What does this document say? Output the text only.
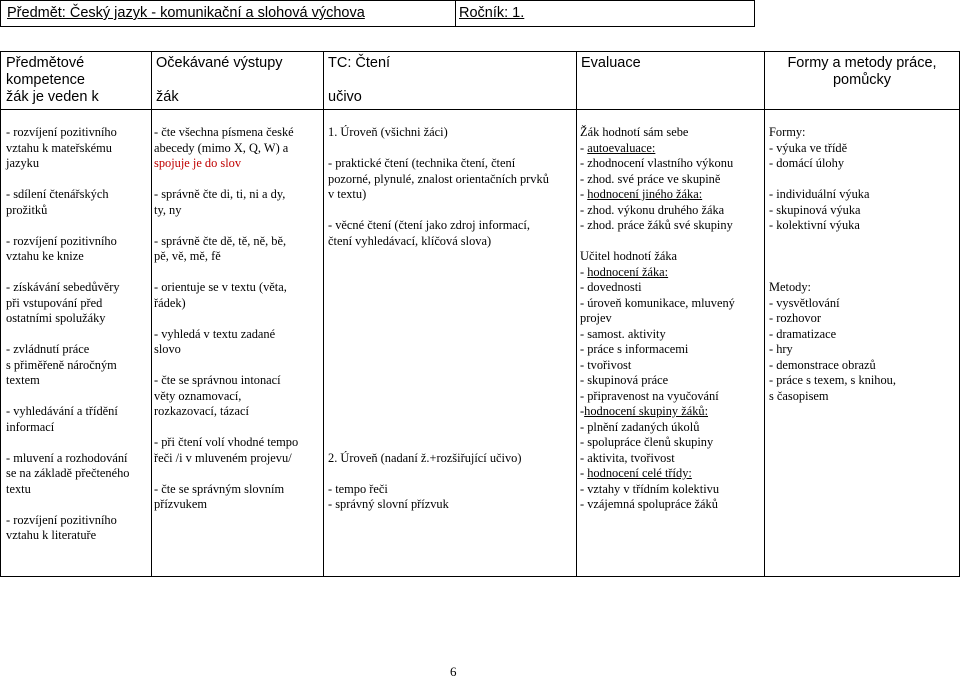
Předmět: Český jazyk - komunikační a slohová výchova	Ročník: 1.
Předmětové
kompetence
žák je veden k
Očekávané výstupy
žák
TC: Čtení
učivo
Evaluace	Formy a metody práce,
pomůcky
- rozvíjení pozitivního
vztahu k mateřskému
jazyku
- sdílení čtenářských
prožitků
- rozvíjení pozitivního
vztahu ke knize
- získávání sebedůvěry
při vstupování před
ostatními spolužáky
- zvládnutí práce
s přiměřeně náročným
textem
- vyhledávání a třídění
informací
- mluvení a rozhodování
se na základě přečteného
textu
- rozvíjení pozitivního
vztahu k literatuře
- čte všechna písmena české
abecedy (mimo X, Q, W) a
spojuje je do slov
- správně čte di, ti, ni a dy,
ty, ny
- správně čte dě, tě, ně, bě,
pě, vě, mě, fě
- orientuje se v textu (věta,
řádek)
- vyhledá v textu zadané
slovo
- čte se správnou intonací
věty oznamovací,
rozkazovací, tázací
- při čtení volí vhodné tempo
řeči /i v mluveném projevu/
- čte se správným slovním
přízvukem
1. Úroveň (všichni žáci)
- praktické čtení (technika čtení, čtení
pozorné, plynulé, znalost orientačních prvků
v textu)
- věcné čtení (čtení jako zdroj informací,
čtení vyhledávací, klíčová slova)
2. Úroveň (nadaní ž.+rozšiřující učivo)
- tempo řeči
- správný slovní přízvuk
Žák hodnotí sám sebe
- autoevaluace:
- zhodnocení vlastního výkonu
- zhod. své práce ve skupině
- hodnocení jiného žáka:
- zhod. výkonu druhého žáka
- zhod. práce žáků své skupiny
Učitel hodnotí žáka
- hodnocení žáka:
- dovednosti
- úroveň komunikace, mluvený
projev
- samost. aktivity
- práce s informacemi
- tvořivost
- skupinová práce
- připravenost na vyučování
-hodnocení skupiny žáků:
- plnění zadaných úkolů
- spolupráce členů skupiny
- aktivita, tvořivost
- hodnocení celé třídy:
- vztahy v třídním kolektivu
- vzájemná spolupráce žáků
Formy:
- výuka ve třídě
- domácí úlohy
- individuální výuka
- skupinová výuka
- kolektivní výuka
Metody:
- vysvětlování
- rozhovor
- dramatizace
- hry
- demonstrace obrazů
- práce s texem, s knihou,
s časopisem
6
